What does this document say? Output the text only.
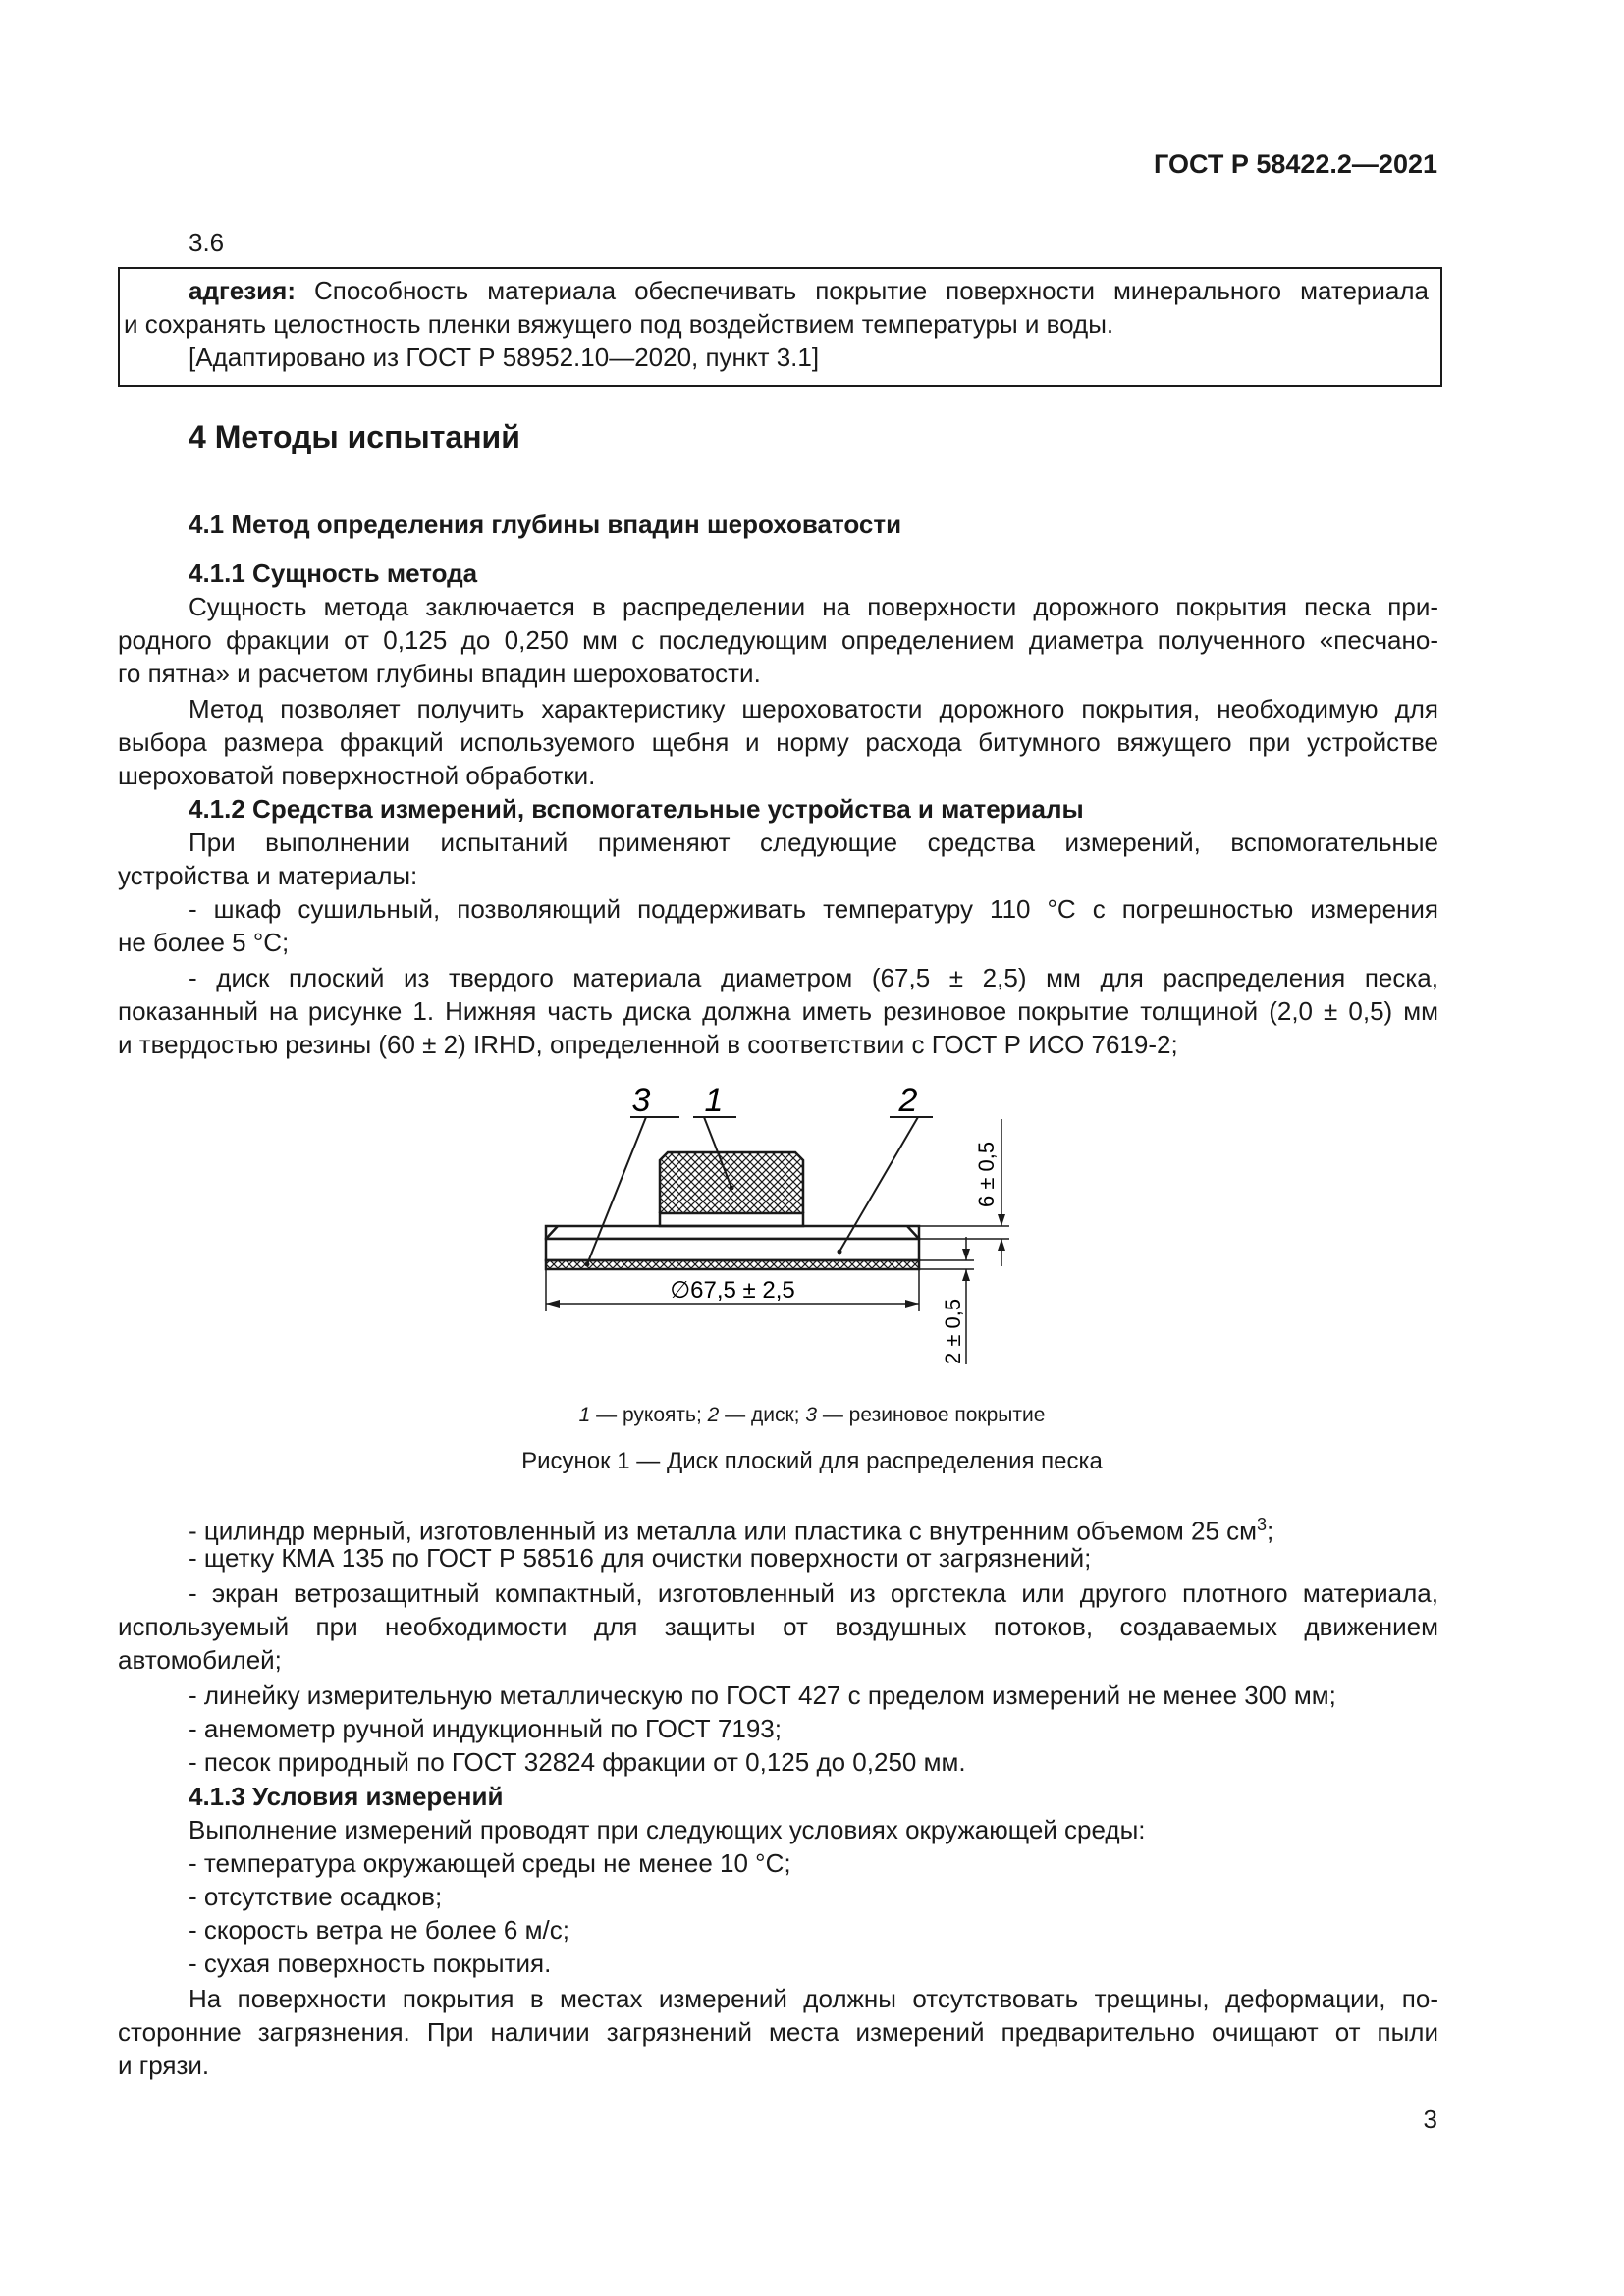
ГОСТ Р 58422.2—2021
3.6
адгезия: Способность материала обеспечивать покрытие поверхности минерального материала
и сохранять целостность пленки вяжущего под воздействием температуры и воды.
[Адаптировано из ГОСТ Р 58952.10—2020, пункт 3.1]
4 Методы испытаний
4.1 Метод определения глубины впадин шероховатости
4.1.1 Сущность метода
Сущность метода заключается в распределении на поверхности дорожного покрытия песка при-
родного фракции от 0,125 до 0,250 мм с последующим определением диаметра полученного «песчано-
го пятна» и расчетом глубины впадин шероховатости.
Метод позволяет получить характеристику шероховатости дорожного покрытия, необходимую для
выбора размера фракций используемого щебня и норму расхода битумного вяжущего при устройстве
шероховатой поверхностной обработки.
4.1.2 Средства измерений, вспомогательные устройства и материалы
При выполнении испытаний применяют следующие средства измерений, вспомогательные
устройства и материалы:
- шкаф сушильный, позволяющий поддерживать температуру 110 °С с погрешностью измерения
не более 5 °С;
- диск плоский из твердого материала диаметром (67,5 ± 2,5) мм для распределения песка,
показанный на рисунке 1. Нижняя часть диска должна иметь резиновое покрытие толщиной (2,0 ± 0,5) мм
и твердостью резины (60 ± 2) IRHD, определенной в соответствии с ГОСТ Р ИСО 7619-2;
3 1	2
6 ± 0,5
2 ± 0,5
∅67,5 ± 2,5
1 — рукоять; 2 — диск; 3 — резиновое покрытие
Рисунок 1 — Диск плоский для распределения песка
- цилиндр мерный, изготовленный из металла или пластика с внутренним объемом 25 $см^3$;
- щетку КМА 135 по ГОСТ Р 58516 для очистки поверхности от загрязнений;
- экран ветрозащитный компактный, изготовленный из оргстекла или другого плотного материала,
используемый при необходимости для защиты от воздушных потоков, создаваемых движением
автомобилей;
- линейку измерительную металлическую по ГОСТ 427 с пределом измерений не менее 300 мм;
- анемометр ручной индукционный по ГОСТ 7193;
- песок природный по ГОСТ 32824 фракции от 0,125 до 0,250 мм.
4.1.3 Условия измерений
Выполнение измерений проводят при следующих условиях окружающей среды:
- температура окружающей среды не менее 10 °С;
- отсутствие осадков;
- скорость ветра не более 6 м/с;
- сухая поверхность покрытия.
На поверхности покрытия в местах измерений должны отсутствовать трещины, деформации, по-
сторонние загрязнения. При наличии загрязнений места измерений предварительно очищают от пыли
и грязи.
3
